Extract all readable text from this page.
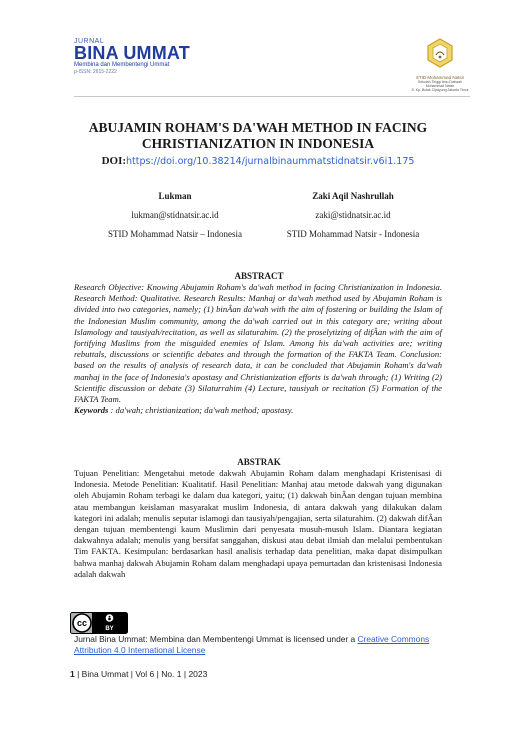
JURNAL
BINA UMMAT
Membina dan Membentengi Ummat
p-ISSN: 2615-2222
STID Mohammad Natsir
Sekolah Tinggi Ilmu Dakwah Mohammad Natsir
Jl. Kp. Bulak Cipayung Jakarta Timur
ABUJAMIN ROHAM'S DA'WAH METHOD IN FACING CHRISTIANIZATION IN INDONESIA
DOI:https://doi.org/10.38214/jurnalbinaummatstidnatsir.v6i1.175
Lukman
lukman@stidnatsir.ac.id
STID Mohammad Natsir – Indonesia
Zaki Aqil Nashrullah
zaki@stidnatsir.ac.id
STID Mohammad Natsir - Indonesia
ABSTRACT
Research Objective: Knowing Abujamin Roham's da'wah method in facing Christianization in Indonesia. Research Method: Qualitative. Research Results: Manhaj or da'wah method used by Abujamin Roham is divided into two categories, namely; (1) binÂan da'wah with the aim of fostering or building the Islam of the Indonesian Muslim community, among the da'wah carried out in this category are; writing about Islamology and tausiyah/recitation, as well as silaturahim. (2) the proselytizing of difÂan with the aim of fortifying Muslims from the misguided enemies of Islam. Among his da'wah activities are; writing rebuttals, discussions or scientific debates and through the formation of the FAKTA Team. Conclusion: based on the results of analysis of research data, it can be concluded that Abujamin Roham's da'wah manhaj in the face of Indonesia's apostasy and Christianization efforts is da'wah through; (1) Writing (2) Scientific discussion or debate (3) Silaturrahim (4) Lecture, tausiyah or recitation (5) Formation of the FAKTA Team.
Keywords : da'wah; christianization; da'wah method; apostasy.
ABSTRAK
Tujuan Penelitian: Mengetahui metode dakwah Abujamin Roham dalam menghadapi Kristenisasi di Indonesia. Metode Penelitian: Kualitatif. Hasil Penelitian: Manhaj atau metode dakwah yang digunakan oleh Abujamin Roham terbagi ke dalam dua kategori, yaitu; (1) dakwah binÂan dengan tujuan membina atau membangun keislaman masyarakat muslim Indonesia, di antara dakwah yang dilakukan dalam kategori ini adalah; menulis seputar islamogi dan tausiyah/pengajian, serta silaturahim. (2) dakwah difÂan dengan tujuan membentengi kaum Muslimin dari penyesata musuh-musuh Islam. Diantara kegiatan dakwahnya adalah; menulis yang bersifat sanggahan, diskusi atau debat ilmiah dan melalui pembentukan Tim FAKTA. Kesimpulan: berdasarkan hasil analisis terhadap data penelitian, maka dapat disimpulkan bahwa manhaj dakwah Abujamin Roham dalam menghadapi upaya pemurtadan dan kristenisasi Indonesia adalah dakwah
cc
BY
Jurnal Bina Ummat: Membina dan Membentengi Ummat is licensed under a Creative Commons Attribution 4.0 International License
1 | Bina Ummat | Vol 6 | No. 1 | 2023
